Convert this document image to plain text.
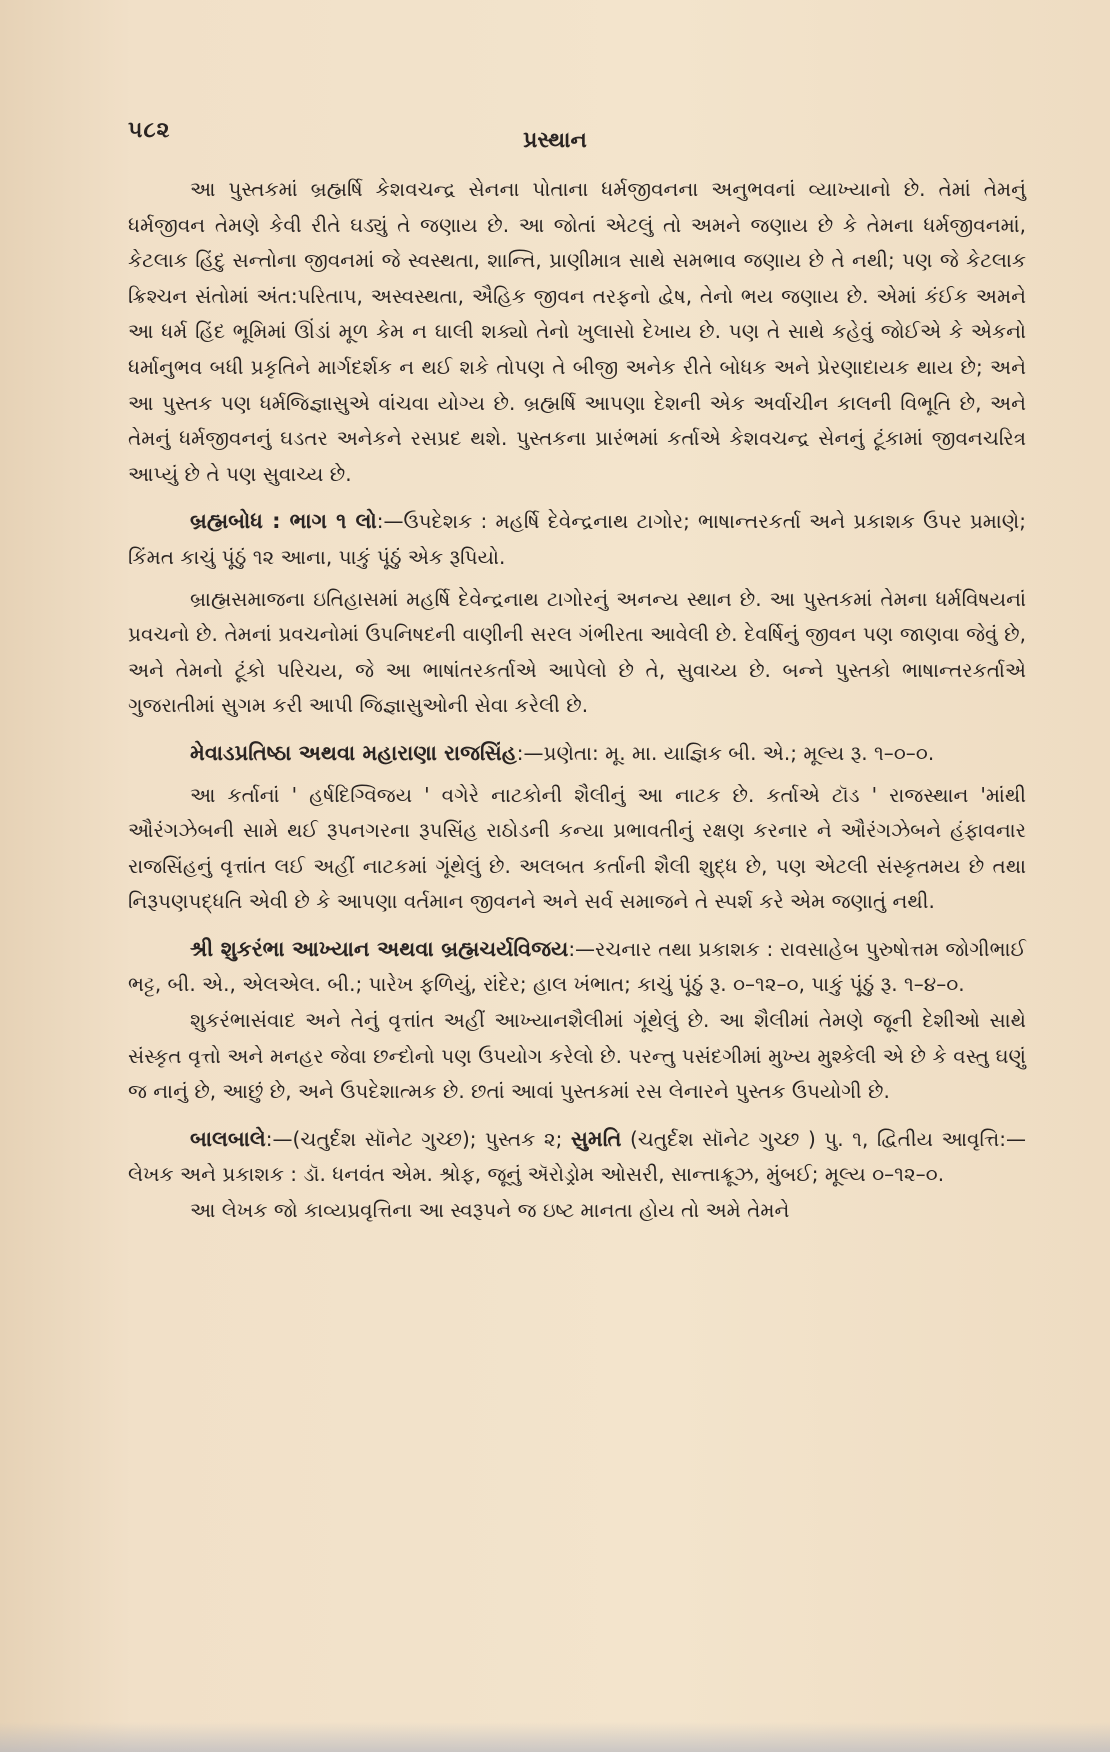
૫૮૨	પ્રસ્થાન

આ પુસ્તકમાં બ્રહ્મર્ષિ કેશવચન્દ્ર સેનના પોતાના ધર્મજીવનના અનુભવનાં વ્યાખ્યાનો છે. તેમાં તેમનું ધર્મજીવન તેમણે કેવી રીતે ઘડ્યું તે જણાય છે. આ જોતાં એટલું તો અમને જણાય છે કે તેમના ધર્મજીવનમાં, કેટલાક હિંદુ સન્તોના જીવનમાં જે સ્વસ્થતા, શાન્તિ, પ્રાણીમાત્ર સાથે સમભાવ જણાય છે તે નથી; પણ જે કેટલાક ક્રિશ્ચન સંતોમાં અંત:પરિતાપ, અસ્વસ્થતા, ઐહિક જીવન તરફનો દ્વેષ, તેનો ભય જણાય છે. એમાં કંઈક અમને આ ધર્મ હિંદ ભૂમિમાં ઊંડાં મૂળ કેમ ન ઘાલી શક્યો તેનો ખુલાસો દેખાય છે. પણ તે સાથે કહેવું જોઈએ કે એકનો ધર્માનુભવ બધી પ્રકૃતિને માર્ગદર્શક ન થઈ શકે તોપણ તે બીજી અનેક રીતે બોધક અને પ્રેરણાદાયક થાય છે; અને આ પુસ્તક પણ ધર્મજિજ્ઞાસુએ વાંચવા યોગ્ય છે. બ્રહ્મર્ષિ આપણા દેશની એક અર્વાચીન કાલની વિભૂતિ છે, અને તેમનું ધર્મજીવનનું ઘડતર અનેકને રસપ્રદ થશે. પુસ્તકના પ્રારંભમાં કર્તાએ કેશવચન્દ્ર સેનનું ટૂંકામાં જીવનચરિત્ર આપ્યું છે તે પણ સુવાચ્ય છે.

બ્રહ્મબોધ : ભાગ ૧ લો:—ઉપદેશક : મહર્ષિ દેવેન્દ્રનાથ ટાગોર; ભાષાન્તરકર્તા અને પ્રકાશક ઉપર પ્રમાણે; કિંમત કાચું પૂંઠું ૧૨ આના, પાકું પૂંઠું એક રૂપિયો.

બ્રાહ્મસમાજના ઇતિહાસમાં મહર્ષિ દેવેન્દ્રનાથ ટાગોરનું અનન્ય સ્થાન છે. આ પુસ્તકમાં તેમના ધર્મવિષયનાં પ્રવચનો છે. તેમનાં પ્રવચનોમાં ઉપનિષદની વાણીની સરલ ગંભીરતા આવેલી છે. દેવર્ષિનું જીવન પણ જાણવા જેવું છે, અને તેમનો ટૂંકો પરિચય, જે આ ભાષાંતરકર્તાએ આપેલો છે તે, સુવાચ્ય છે. બન્ને પુસ્તકો ભાષાન્તરકર્તાએ ગુજરાતીમાં સુગમ કરી આપી જિજ્ઞાસુઓની સેવા કરેલી છે.

મેવાડપ્રતિષ્ઠા અથવા મહારાણા રાજસિંહ:—પ્રણેતા: મૂ. મા. યાજ્ઞિક બી. એ.; મૂલ્ય રૂ. ૧–૦–૦.

આ કર્તાનાં ' હર્ષદિગ્વિજય ' વગેરે નાટકોની શૈલીનું આ નાટક છે. કર્તાએ ટૉડ ' રાજસ્થાન 'માંથી ઔરંગઝેબની સામે થઈ રૂપનગરના રૂપસિંહ રાઠોડની કન્યા પ્રભાવતીનું રક્ષણ કરનાર ને ઔરંગઝેબને હંફાવનાર રાજસિંહનું વૃત્તાંત લઈ અહીં નાટકમાં ગૂંથેલું છે. અલબત કર્તાની શૈલી શુદ્ધ છે, પણ એટલી સંસ્કૃતમય છે તથા નિરૂપણપદ્ધતિ એવી છે કે આપણા વર્તમાન જીવનને અને સર્વ સમાજને તે સ્પર્શ કરે એમ જણાતું નથી.

શ્રી શુકરંભા આખ્યાન અથવા બ્રહ્મચર્યવિજય:—રચનાર તથા પ્રકાશક : રાવસાહેબ પુરુષોત્તમ જોગીભાઈ ભટ્ટ, બી. એ., એલએલ. બી.; પારેખ ફળિયું, રાંદેર; હાલ ખંભાત; કાચું પૂંઠું રૂ. ૦–૧૨–૦, પાકું પૂંઠું રૂ. ૧–૪–૦.

શુકરંભાસંવાદ અને તેનું વૃત્તાંત અહીં આખ્યાનશૈલીમાં ગૂંથેલું છે. આ શૈલીમાં તેમણે જૂની દેશીઓ સાથે સંસ્કૃત વૃત્તો અને મનહર જેવા છન્દોનો પણ ઉપયોગ કરેલો છે. પરન્તુ પસંદગીમાં મુખ્ય મુશ્કેલી એ છે કે વસ્તુ ઘણું જ નાનું છે, આછું છે, અને ઉપદેશાત્મક છે. છતાં આવાં પુસ્તકમાં રસ લેનારને પુસ્તક ઉપયોગી છે.

બાલબાલે:—(ચતુર્દશ સૉનેટ ગુચ્છ); પુસ્તક ૨; સુમતિ (ચતુર્દશ સૉનેટ ગુચ્છ ) પુ. ૧, દ્વિતીય આવૃત્તિ:—લેખક અને પ્રકાશક : ડૉ. ધનવંત એમ. શ્રોફ, જૂનું ઍરોડ્રોમ ઓસરી, સાન્તાક્રૂઝ, મુંબઈ; મૂલ્ય ૦–૧૨–૦.

આ લેખક જો કાવ્યપ્રવૃત્તિના આ સ્વરૂપને જ ઇષ્ટ માનતા હોય તો અમે તેમને
